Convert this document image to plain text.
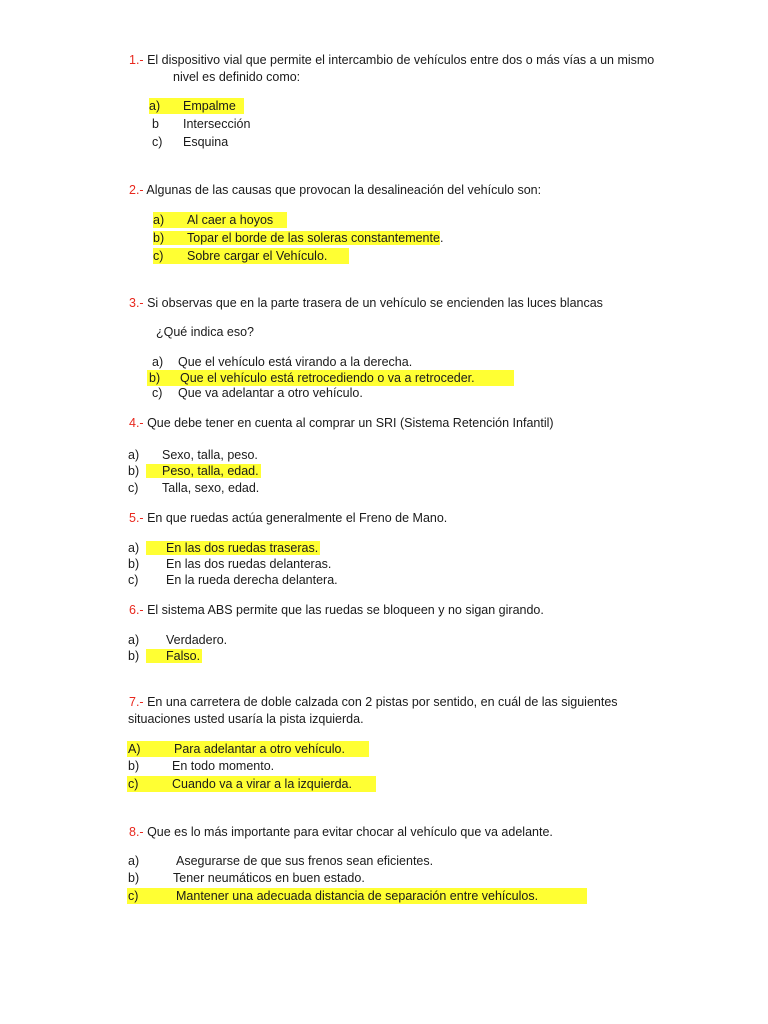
1.- El dispositivo vial que permite el intercambio de vehículos entre dos o más vías a un mismo
nivel es definido como:
a) Empalme
b Intersección
c) Esquina
2.- Algunas de las causas que provocan la desalineación del vehículo son:
a) Al caer a hoyos
b) Topar el borde de las soleras constantemente.
c) Sobre cargar el Vehículo.
3.- Si observas que en la parte trasera de un vehículo se encienden las luces blancas
¿Qué indica eso?
a) Que el vehículo está virando a la derecha.
b) Que el vehículo está retrocediendo o va a retroceder.
c) Que va adelantar a otro vehículo.
4.- Que debe tener en cuenta al comprar un SRI (Sistema Retención Infantil)
a) Sexo, talla, peso.
b) Peso, talla, edad.
c) Talla, sexo, edad.
5.- En que ruedas actúa generalmente el Freno de Mano.
a) En las dos ruedas traseras.
b) En las dos ruedas delanteras.
c) En la rueda derecha delantera.
6.- El sistema ABS permite que las ruedas se bloqueen y no sigan girando.
a) Verdadero.
b) Falso.
7.- En una carretera de doble calzada con 2 pistas por sentido, en cuál de las siguientes
situaciones usted usaría la pista izquierda.
A)	Para adelantar a otro vehículo.
b)	En todo momento.
c)	Cuando va a virar a la izquierda.
8.- Que es lo más importante para evitar chocar al vehículo que va adelante.
a)	Asegurarse de que sus frenos sean eficientes.
b)	Tener neumáticos en buen estado.
c)	Mantener una adecuada distancia de separación entre vehículos.
